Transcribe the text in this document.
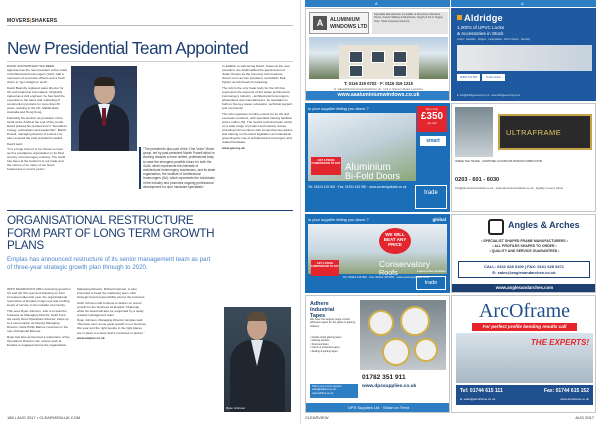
MOVERS|SHAKERS
New Presidential Team Appointed

DAVID SCRAWSHAW HAS BEEN appointed as the new president of the Guild of Architectural Ironmongers (GAI), with a new team of executive officers and a fresh vision to "get straight to work".

David Bearsby replaced sales director for UK and Ireland at Ironmakers. Originally trained as a civil engineer, he has held the expertise to the sales and marketing of construction products for more than 30 years, working in the UK, Middle East, Australia and Hong Kong.

Following his election as president of the Guild at the AGM at the end of the month, David praised his predecessor's "boundless energy, enthusiasm and leadership". Martin Powell, managing director of Lorient Ltd, also received the past president's award.

David said:

"It is a huge honour to be chosen to lead such a prestigious organisation in its third century of ironmongery industry. The Guild has been at the forefront of our trade and the source of so many of our finest businesses in recent years."

"The president's also part of the 'One Voice' Vision' group, led by past president Martin Powell which is working towards a more unified, professional body to raise the strongest possible future for both the Guild, which represents the interests of architectural ironmongery businesses, and its sister organisation, the Institute of Architectural Ironmongers (IAI), which represents the individuals in the industry and promotes ongoing professional development for door hardware specialists."

In addition to welcoming David, Susan at the new president, the AGM ratified the appointment of Julian Hooton as the honorary GAI treasurer, Simon Lunn as vice president, and Martin Dell-Ogden as GAI head of marketing.

The GAI is the only trade body for the UK that represents the interests of the whole architectural ironmongery industry - architectural ironmongers, wholesalers and manufacturers. Its reputation is built on five key areas: education, technical support and community.

The GAI organises monthly events for its UK and overseas members, with specialist training facilities at its London HQ. The Guild's technical team works on a wide range of product and industry issues, providing GAI members with comprehensive advice and training on the latest legislation and standards governing the use of architectural ironmongery and related hardware.

www.gai.org.uk

ORGANISATIONAL RESTRUCTURE FORM PART OF LONG TERM GROWTH PLANS
Emplas has announced restructure of its senior management team as part of three-year strategic growth plan through to 2020.

WITH SIGNIFICANT AND continuing growth in Q1 and Q2 this year and following on from increased sales last year, the organisational restructure of Emplas brings new and exciting levels of service to the installer community.

This sees Ryan Johnson, who is to lead the business as Managing Director. Keith Ford, the newly hired Operations Director, steps up to a new position as Deputy Managing Director, while Philip Barnes continues in the role of Financial Director.

Ryan has also announced a restructure of the Operations Director role, whose work at Emplas is engaged across the organisation.

Marketing Director, Richard Cannon, is also promoted to head the marketing team, with strategic brand responsibility across the business.

Keith Johnson will continue to deliver on recent growth for the business as Emplas' Chairman, while his board will also be supported by a newly created management team.

Ryan Johnson, Managing Director, Emplas said: "We have seen some great growth in our business this year and the right people in the right places are in place to ensure that it continues to deliver."

www.emplas.co.uk

Ryan Johnson
186 • AUG 2017 • CLEARVIEW-UK.COM
A	A
A	ALUMINIUM
WINDOWS LTD
Specialist Manufacturer & Installer of Aluminium Windows, Doors, Curtain Walling & Shopfronts. Supply & Fit or Supply Only. Trade enquiries welcome.
T: 0116 319 0702 · F: 0116 319 1215
E: sales@aluminiumwindowsltd.co.uk · Unit 2, Stenson Road, Leicester
www.aaaluminiumwindows.co.uk
Aldridge
1,000's of UPVC Locks
& Accessories in Stock
Locks · Handles · Hinges · Letterplates · Door Chains · Security
01902 721 551	Order Online
E: info@aldridgesecurity.co.uk · www.aldridgesecurity.co.uk
Is your supplier letting you down ?	from only
£350
per roof
smart
GET A PRICE COMPARISON TO DAY Aluminium
Bi-Fold Doors
Tel: 01924 415 900 · Fax: 01924 415 950 · www.sovereigntrade.co.uk
trade
ULTRAFRAME
INSIDE THE TRADE · CERTIFIED ALUMINIUM WINDOW FABRICATOR
0203 - 601 - 6030
info@aluminiumwindows.co.uk · www.aluminiumwindows.co.uk · Quality in every frame
Is your supplier letting you down ?	global
WE WILL BEAT ANY PRICE
GET A PRICE COMPARISON TO DAY	Conservatory
Roofs	Lowest prices anywhere
Tel: 01924 415 900 · Fax: 01924 415 950 · www.sovereigntrade.co.uk
trade
Angles & Arches
• SPECIALIST SHAPED FRAME MANUFACTURERS •
• ALL PROFILES SHAPED TO ORDER •
• QUALITY AND SERVICE GUARANTEED •
CALL: 0161 628 0100 | FAX: 0161 628 9471
E: sales@anglesandarches.co.uk
www.anglesandarches.com
Adhere
Industrial
Tapes
We have the largest range of self-adhesive tapes for the glass & glazing industry
• Double sided glazing tapes
• Glazing packers
• Structural foam
• Frame & protection tapes
• Sealing & jointing tapes
01782 351 911
www.dpssupplies.co.uk
Talk to one of our experts: sales@adhere.co.uk · www.adhere.co.uk
DPS Supplies Ltd · Stoke on Trent
ArcOframe
For perfect profile bending results call
THE EXPERTS!
Tel: 01744 615 111	Fax: 01744 615 152
E: sales@arcoframe.co.uk	www.arcoframe.co.uk
CLEARVIEW	AUG 2017
